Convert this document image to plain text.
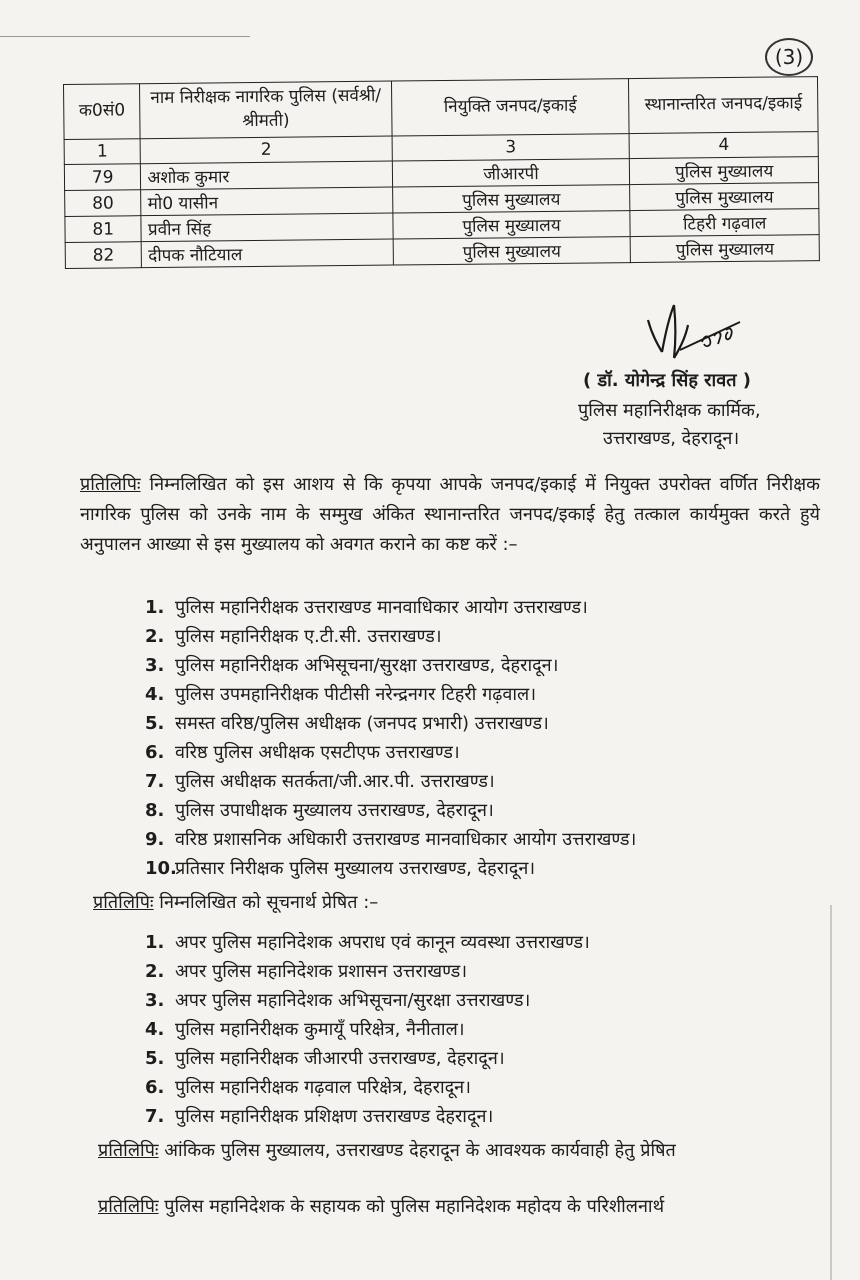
(3)
क0सं0	नाम निरीक्षक नागरिक पुलिस (सर्वश्री/श्रीमती)	नियुक्ति जनपद/इकाई	स्थानान्तरित जनपद/इकाई
1	2	3	4
79	अशोक कुमार	जीआरपी	पुलिस मुख्यालय
80	मो0 यासीन	पुलिस मुख्यालय	पुलिस मुख्यालय
81	प्रवीन सिंह	पुलिस मुख्यालय	टिहरी गढ़वाल
82	दीपक नौटियाल	पुलिस मुख्यालय	पुलिस मुख्यालय
( डॉ. योगेन्द्र सिंह रावत )
पुलिस महानिरीक्षक कार्मिक,
उत्तराखण्ड, देहरादून।
प्रतिलिपिः निम्नलिखित को इस आशय से कि कृपया आपके जनपद/इकाई में नियुक्त उपरोक्त वर्णित निरीक्षक नागरिक पुलिस को उनके नाम के सम्मुख अंकित स्थानान्तरित जनपद/इकाई हेतु तत्काल कार्यमुक्त करते हुये अनुपालन आख्या से इस मुख्यालय को अवगत कराने का कष्ट करें :–
1. पुलिस महानिरीक्षक उत्तराखण्ड मानवाधिकार आयोग उत्तराखण्ड।
2. पुलिस महानिरीक्षक ए.टी.सी. उत्तराखण्ड।
3. पुलिस महानिरीक्षक अभिसूचना/सुरक्षा उत्तराखण्ड, देहरादून।
4. पुलिस उपमहानिरीक्षक पीटीसी नरेन्द्रनगर टिहरी गढ़वाल।
5. समस्त वरिष्ठ/पुलिस अधीक्षक (जनपद प्रभारी) उत्तराखण्ड।
6. वरिष्ठ पुलिस अधीक्षक एसटीएफ उत्तराखण्ड।
7. पुलिस अधीक्षक सतर्कता/जी.आर.पी. उत्तराखण्ड।
8. पुलिस उपाधीक्षक मुख्यालय उत्तराखण्ड, देहरादून।
9. वरिष्ठ प्रशासनिक अधिकारी उत्तराखण्ड मानवाधिकार आयोग उत्तराखण्ड।
10.प्रतिसार निरीक्षक पुलिस मुख्यालय उत्तराखण्ड, देहरादून।
प्रतिलिपिः निम्नलिखित को सूचनार्थ प्रेषित :–
1. अपर पुलिस महानिदेशक अपराध एवं कानून व्यवस्था उत्तराखण्ड।
2. अपर पुलिस महानिदेशक प्रशासन उत्तराखण्ड।
3. अपर पुलिस महानिदेशक अभिसूचना/सुरक्षा उत्तराखण्ड।
4. पुलिस महानिरीक्षक कुमायूँ परिक्षेत्र, नैनीताल।
5. पुलिस महानिरीक्षक जीआरपी उत्तराखण्ड, देहरादून।
6. पुलिस महानिरीक्षक गढ़वाल परिक्षेत्र, देहरादून।
7. पुलिस महानिरीक्षक प्रशिक्षण उत्तराखण्ड देहरादून।
प्रतिलिपिः आंकिक पुलिस मुख्यालय, उत्तराखण्ड देहरादून के आवश्यक कार्यवाही हेतु प्रेषित
प्रतिलिपिः पुलिस महानिदेशक के सहायक को पुलिस महानिदेशक महोदय के परिशीलनार्थ
